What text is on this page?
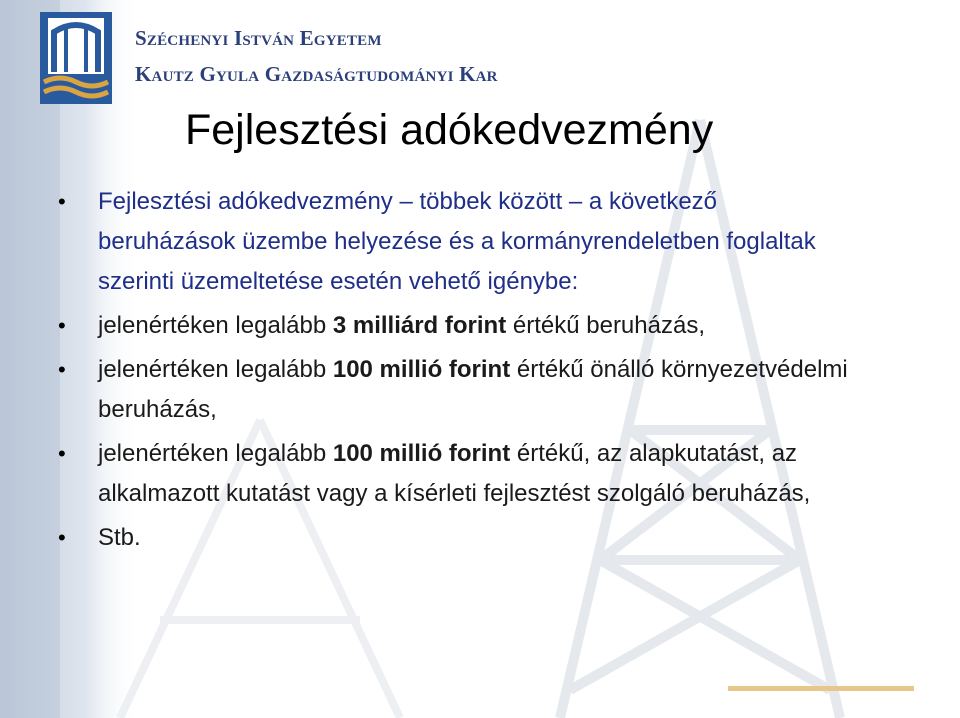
Széchenyi István Egyetem
Kautz Gyula Gazdaságtudományi Kar
Fejlesztési adókedvezmény
• Fejlesztési adókedvezmény – többek között – a következő beruházások üzembe helyezése és a kormányrendeletben foglaltak szerinti üzemeltetése esetén vehető igénybe:
• jelenértéken legalább 3 milliárd forint értékű beruházás,
• jelenértéken legalább 100 millió forint értékű önálló környezetvédelmi beruházás,
• jelenértéken legalább 100 millió forint értékű, az alapkutatást, az alkalmazott kutatást vagy a kísérleti fejlesztést szolgáló beruházás,
• Stb.
